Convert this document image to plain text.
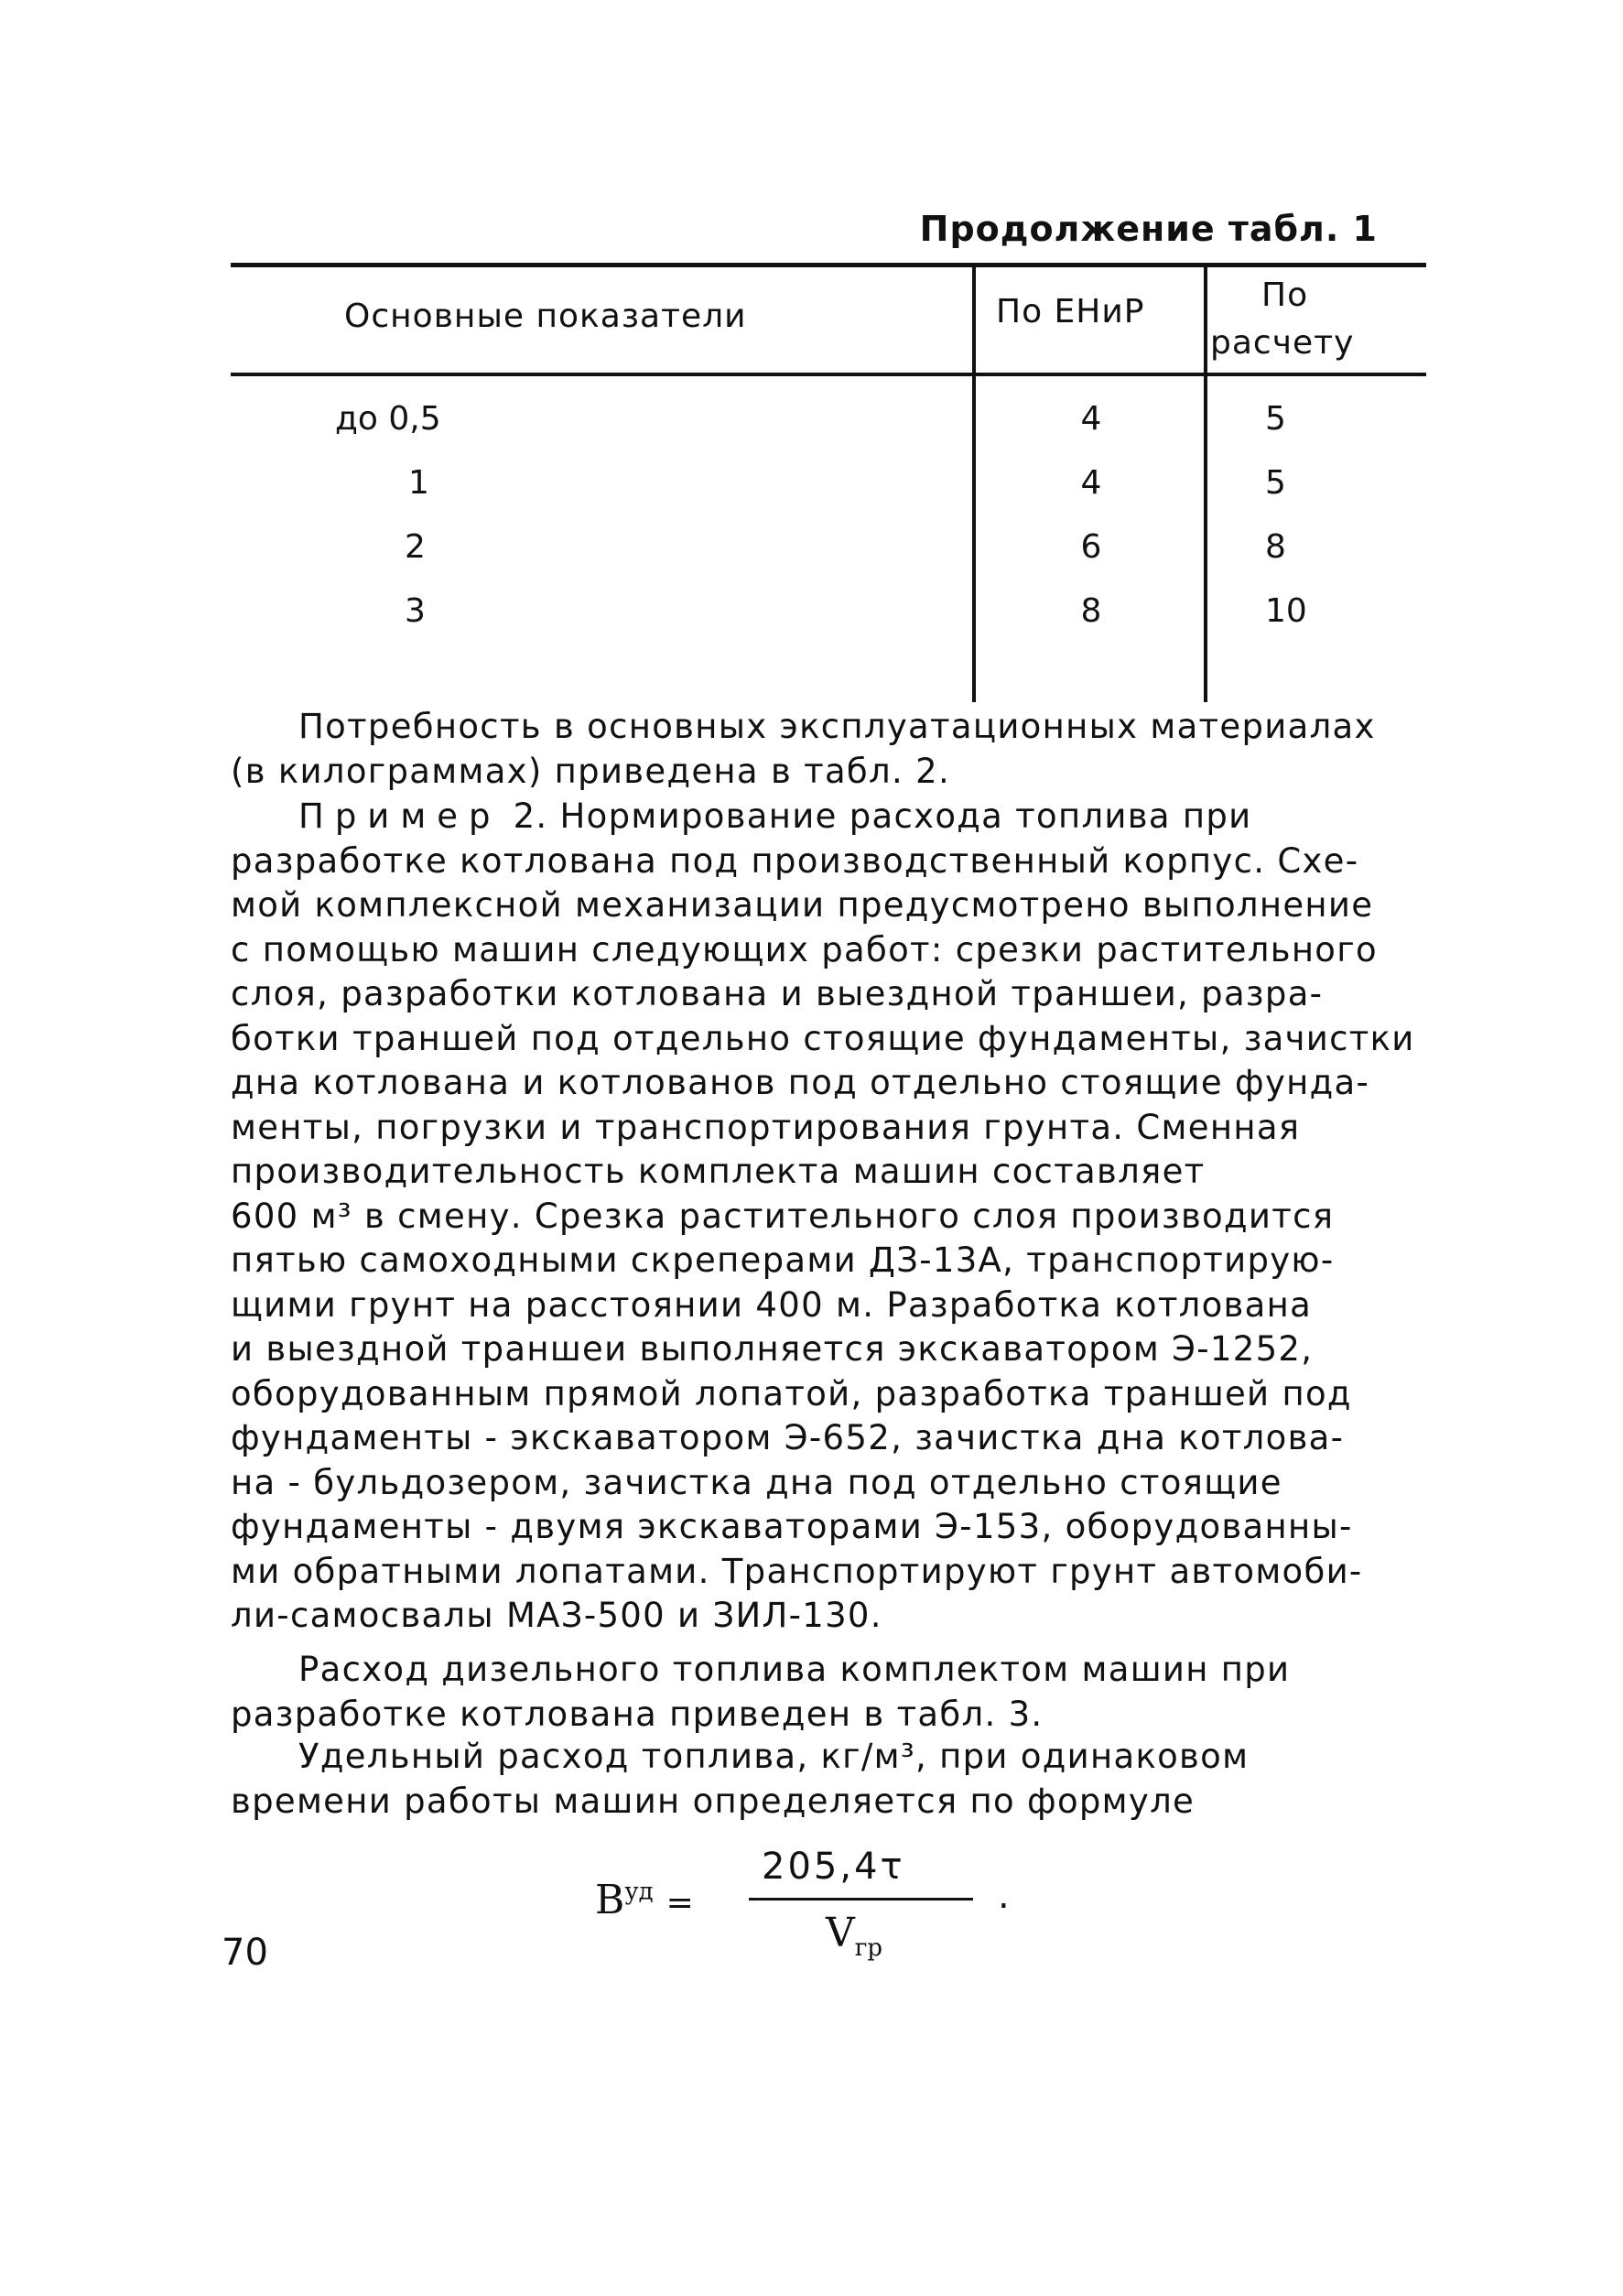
Продолжение табл. 1
Основные показатели	По ЕНиР	По
расчету
до 0,5	4	5
1	4	5
2	6	8
3	8	10

Потребность в основных эксплуатационных материалах

(в килограммах) приведена в табл. 2.

Пример 2. Нормирование расхода топлива при

разработке котлована под производственный корпус. Схе-

мой комплексной механизации предусмотрено выполнение

с помощью машин следующих работ: срезки растительного

слоя, разработки котлована и выездной траншеи, разра-

ботки траншей под отдельно стоящие фундаменты, зачистки

дна котлована и котлованов под отдельно стоящие фунда-

менты, погрузки и транспортирования грунта. Сменная

производительность комплекта машин составляет

600 м³ в смену. Срезка растительного слоя производится

пятью самоходными скреперами ДЗ-13А, транспортирую-

щими грунт на расстоянии 400 м. Разработка котлована

и выездной траншеи выполняется экскаватором Э-1252,

оборудованным прямой лопатой, разработка траншей под

фундаменты - экскаватором Э-652, зачистка дна котлова-

на - бульдозером, зачистка дна под отдельно стоящие

фундаменты - двумя экскаваторами Э-153, оборудованны-

ми обратными лопатами. Транспортируют грунт автомоби-

ли-самосвалы МАЗ-500 и ЗИЛ-130.

Расход дизельного топлива комплектом машин при

разработке котлована приведен в табл. 3.

Удельный расход топлива, кг/м³, при одинаковом

времени работы машин определяется по формуле

$B^{уд}$ =
205,4τ
$V_{гр}$
.
70
